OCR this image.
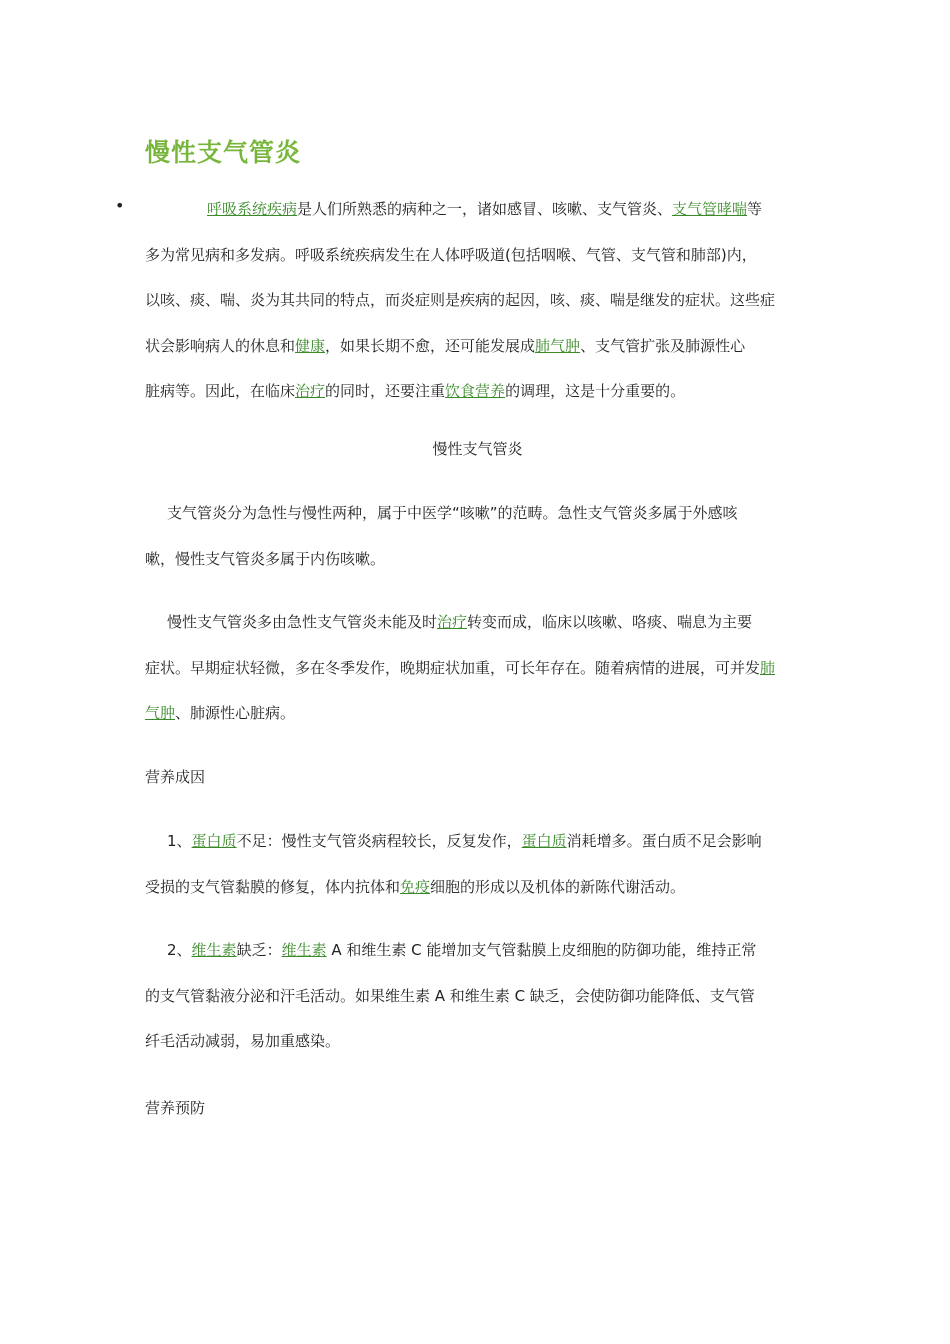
慢性支气管炎
•	呼吸系统疾病是人们所熟悉的病种之一，诸如感冒、咳嗽、支气管炎、支气管哮喘等
多为常见病和多发病。呼吸系统疾病发生在人体呼吸道(包括咽喉、气管、支气管和肺部)内，
以咳、痰、喘、炎为其共同的特点，而炎症则是疾病的起因，咳、痰、喘是继发的症状。这些症
状会影响病人的休息和健康，如果长期不愈，还可能发展成肺气肿、支气管扩张及肺源性心
脏病等。因此，在临床治疗的同时，还要注重饮食营养的调理，这是十分重要的。
慢性支气管炎
支气管炎分为急性与慢性两种，属于中医学“咳嗽”的范畴。急性支气管炎多属于外感咳
嗽，慢性支气管炎多属于内伤咳嗽。
慢性支气管炎多由急性支气管炎未能及时治疗转变而成，临床以咳嗽、咯痰、喘息为主要
症状。早期症状轻微，多在冬季发作，晚期症状加重，可长年存在。随着病情的进展，可并发肺
气肿、肺源性心脏病。
营养成因
1、蛋白质不足：慢性支气管炎病程较长，反复发作，蛋白质消耗增多。蛋白质不足会影响
受损的支气管黏膜的修复，体内抗体和免疫细胞的形成以及机体的新陈代谢活动。
2、维生素缺乏：维生素 A 和维生素 C 能增加支气管黏膜上皮细胞的防御功能，维持正常
的支气管黏液分泌和汗毛活动。如果维生素 A 和维生素 C 缺乏，会使防御功能降低、支气管
纤毛活动减弱，易加重感染。
营养预防
